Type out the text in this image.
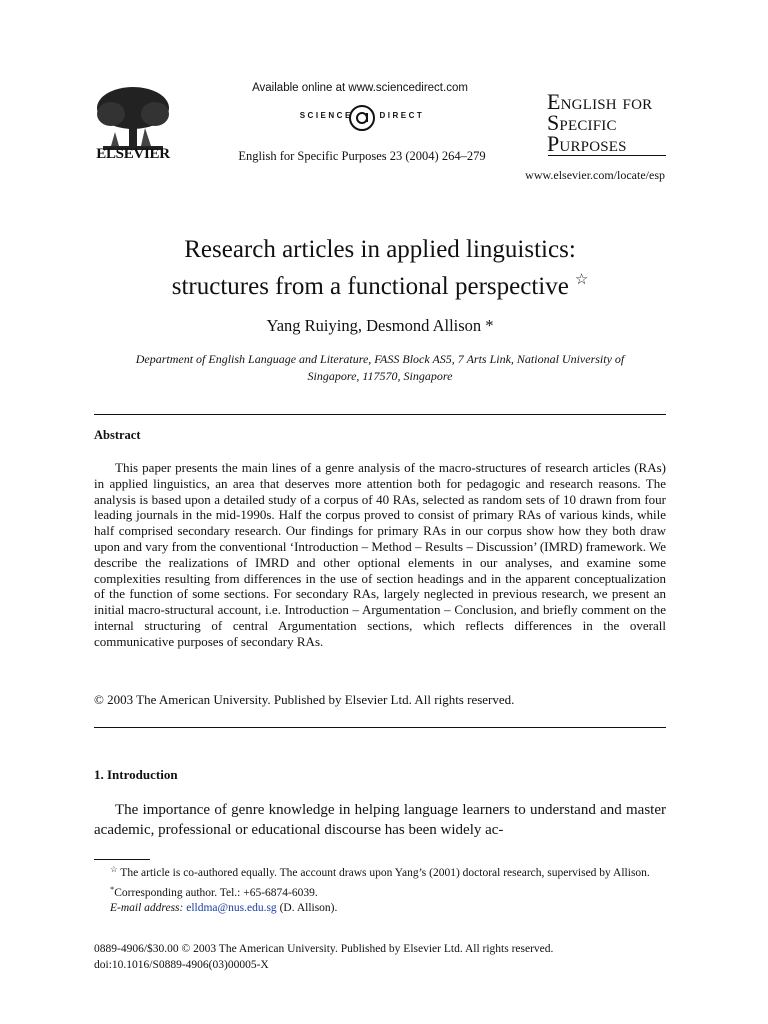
ELSEVIER
Available online at www.sciencedirect.com
SCIENCE DIRECT
English for Specific Purposes 23 (2004) 264–279
English for
Specific
Purposes
www.elsevier.com/locate/esp
Research articles in applied linguistics:
structures from a functional perspective ☆
Yang Ruiying, Desmond Allison *
Department of English Language and Literature, FASS Block AS5, 7 Arts Link, National University of Singapore, 117570, Singapore
Abstract

This paper presents the main lines of a genre analysis of the macro-structures of research articles (RAs) in applied linguistics, an area that deserves more attention both for pedagogic and research reasons. The analysis is based upon a detailed study of a corpus of 40 RAs, selected as random sets of 10 drawn from four leading journals in the mid-1990s. Half the corpus proved to consist of primary RAs of various kinds, while half comprised secondary research. Our findings for primary RAs in our corpus show how they both draw upon and vary from the conventional ‘Introduction – Method – Results – Discussion’ (IMRD) framework. We describe the realizations of IMRD and other optional elements in our analyses, and examine some complexities resulting from differences in the use of section headings and in the apparent conceptualization of the function of some sections. For secondary RAs, largely neglected in previous research, we present an initial macro-structural account, i.e. Introduction – Argumentation – Conclusion, and briefly comment on the internal structuring of central Argumentation sections, which reflects differences in the overall communicative purposes of secondary RAs.

© 2003 The American University. Published by Elsevier Ltd. All rights reserved.
1. Introduction

The importance of genre knowledge in helping language learners to understand and master academic, professional or educational discourse has been widely ac-

☆ The article is co-authored equally. The account draws upon Yang’s (2001) doctoral research, supervised by Allison.
*Corresponding author. Tel.: +65-6874-6039.
E-mail address: elldma@nus.edu.sg (D. Allison).
0889-4906/$30.00 © 2003 The American University. Published by Elsevier Ltd. All rights reserved.
doi:10.1016/S0889-4906(03)00005-X
